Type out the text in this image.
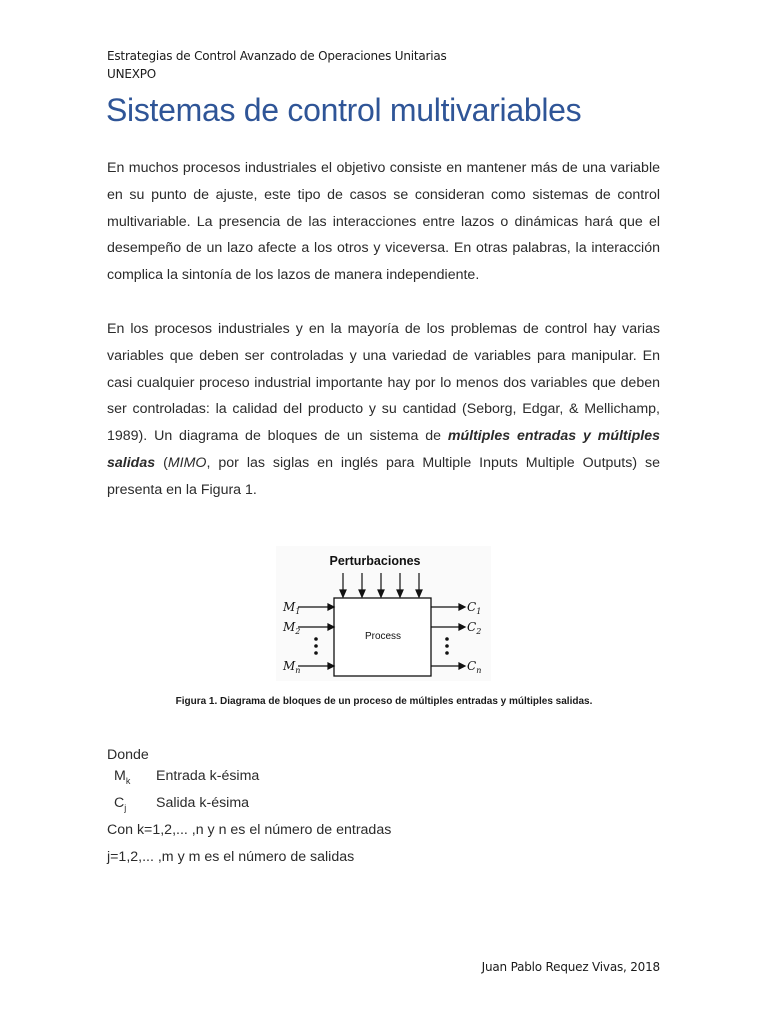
Estrategias de Control Avanzado de Operaciones Unitarias
UNEXPO
Sistemas de control multivariables

En muchos procesos industriales el objetivo consiste en mantener más de una variable en su punto de ajuste, este tipo de casos se consideran como sistemas de control multivariable. La presencia de las interacciones entre lazos o dinámicas hará que el desempeño de un lazo afecte a los otros y viceversa. En otras palabras, la interacción complica la sintonía de los lazos de manera independiente.

En los procesos industriales y en la mayoría de los problemas de control hay varias variables que deben ser controladas y una variedad de variables para manipular. En casi cualquier proceso industrial importante hay por lo menos dos variables que deben ser controladas: la calidad del producto y su cantidad (Seborg, Edgar, & Mellichamp, 1989). Un diagrama de bloques de un sistema de múltiples entradas y múltiples salidas (MIMO, por las siglas en inglés para Multiple Inputs Multiple Outputs) se presenta en la Figura 1.

Perturbaciones
Process
$M_1$
$M_2$
$M_n$
$C_1$
$C_2$
$C_n$
Figura 1. Diagrama de bloques de un proceso de múltiples entradas y múltiples salidas.
Donde
$M_k$ Entrada k-ésima
$C_j$ Salida k-ésima
Con k=1,2,... ,n y n es el número de entradas
j=1,2,... ,m y m es el número de salidas
Juan Pablo Requez Vivas, 2018
